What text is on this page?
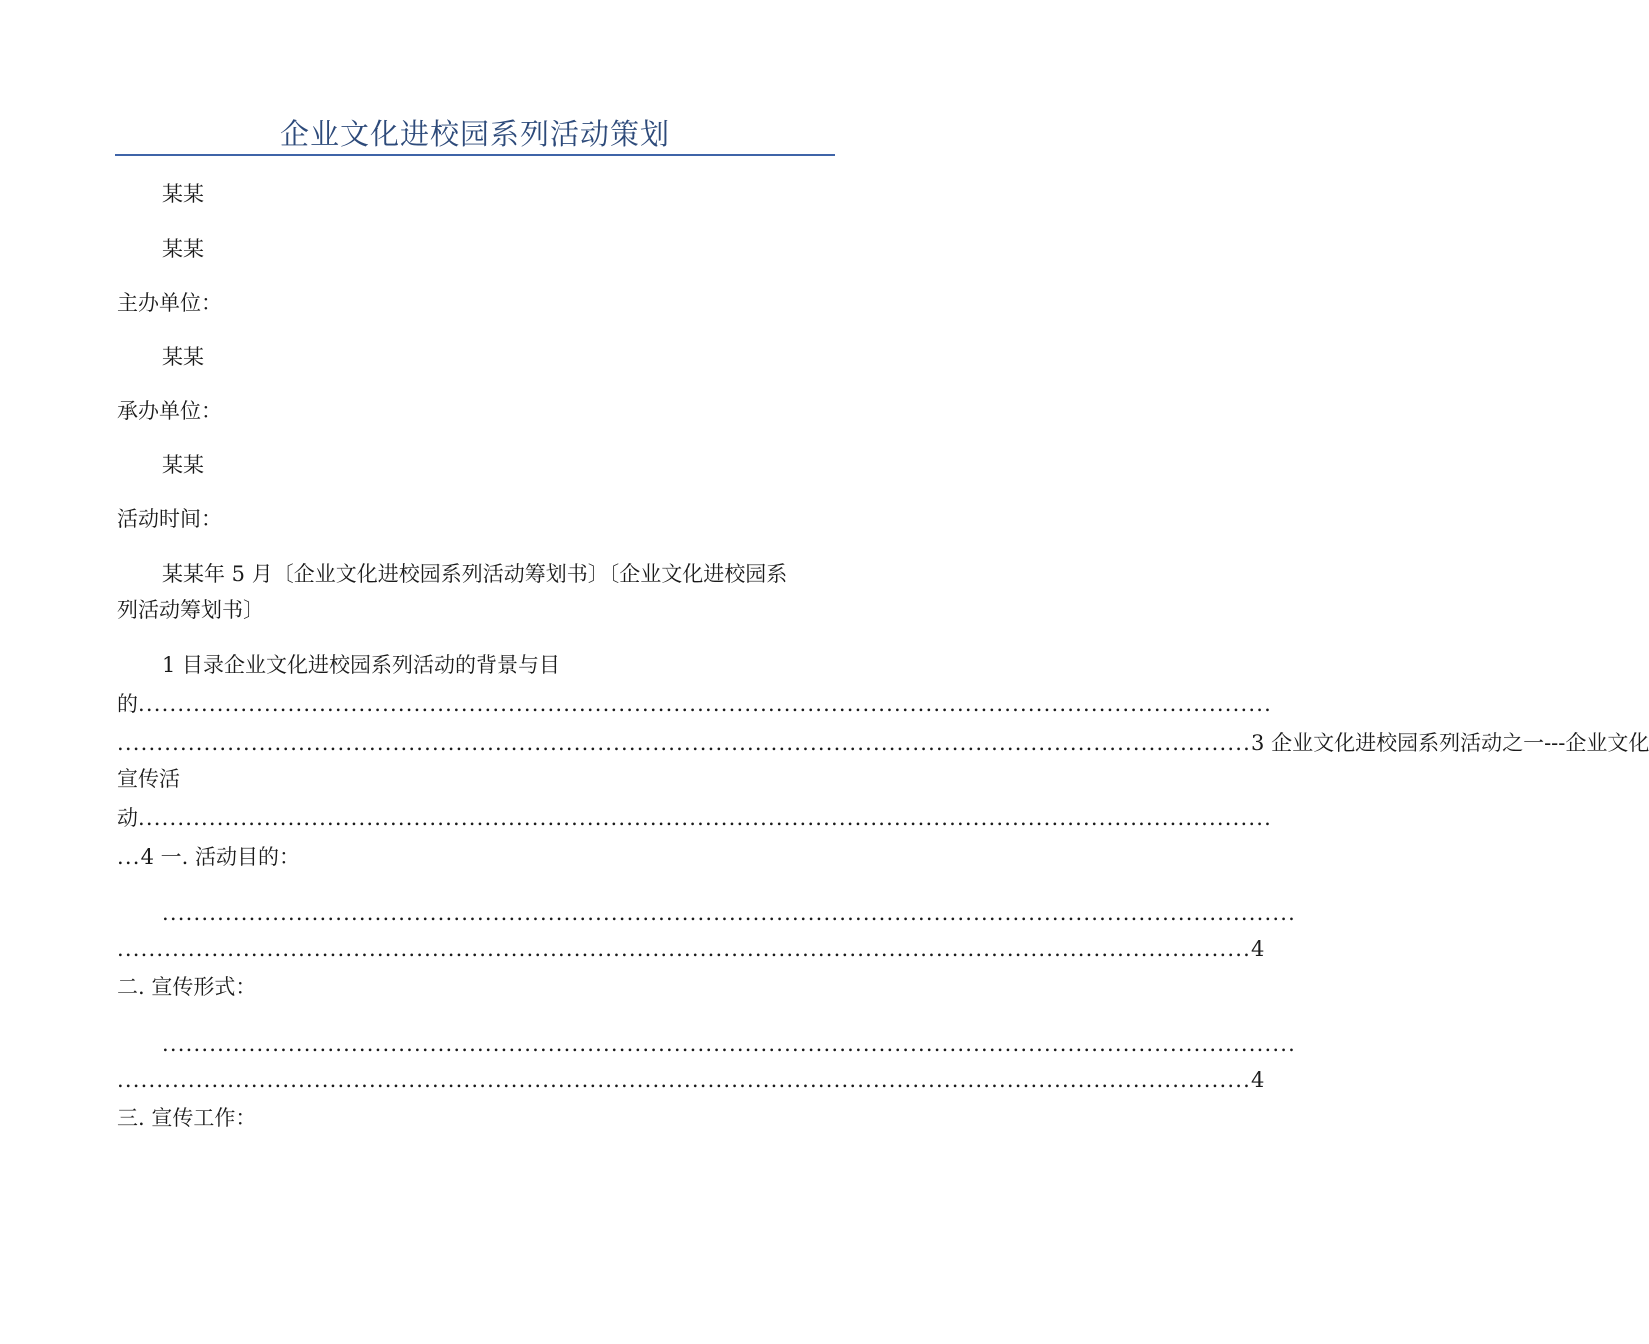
企业文化进校园系列活动策划
某某
某某
主办单位：
某某
承办单位：
某某
活动时间：
某某年 5 月〔企业文化进校园系列活动筹划书〕〔企业文化进校园系
列活动筹划书〕
1 目录企业文化进校园系列活动的背景与目
的 ................................................................................................................................................
................................................................................................................................................ 3 企业文化进校园系列活动之一---企业文化
宣传活
动 ................................................................................................................................................
... 4 一. 活动目的：
................................................................................................................................................
................................................................................................................................................ 4
二. 宣传形式：
................................................................................................................................................
................................................................................................................................................ 4
三. 宣传工作：
